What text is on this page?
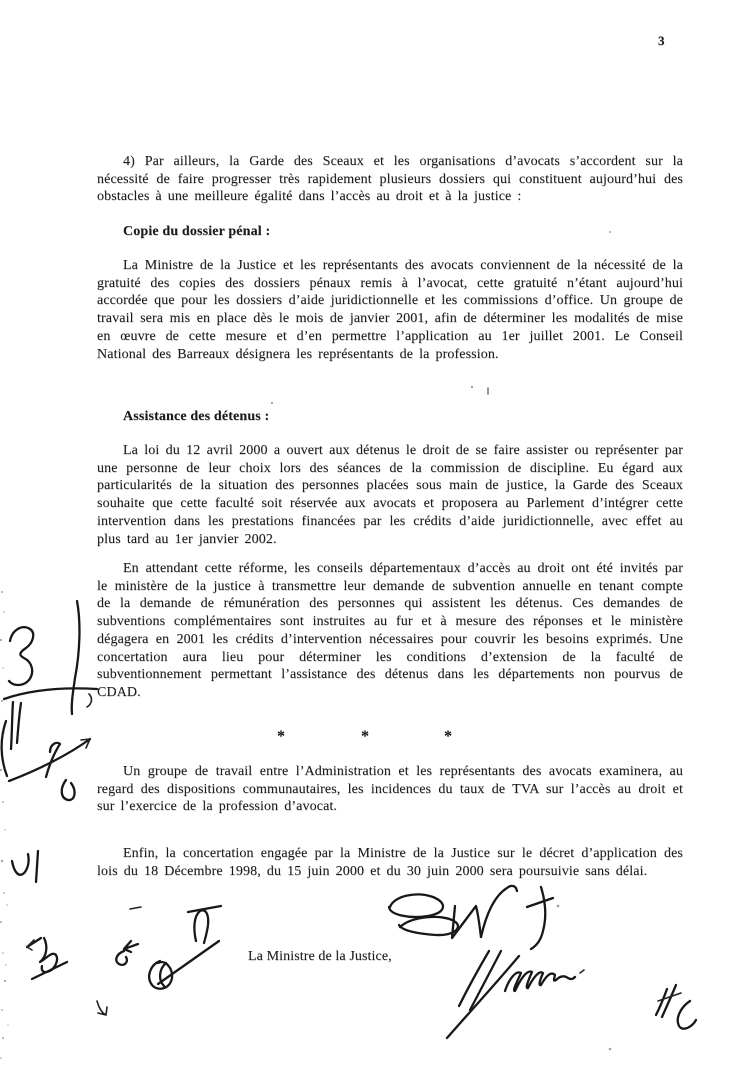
3

4) Par ailleurs, la Garde des Sceaux et les organisations d’avocats s’accordent sur la nécessité de faire progresser très rapidement plusieurs dossiers qui constituent aujourd’hui des obstacles à une meilleure égalité dans l’accès au droit et à la justice :

Copie du dossier pénal :

La Ministre de la Justice et les représentants des avocats conviennent de la nécessité de la gratuité des copies des dossiers pénaux remis à l’avocat, cette gratuité n’étant aujourd’hui accordée que pour les dossiers d’aide juridictionnelle et les commissions d’office. Un groupe de travail sera mis en place dès le mois de janvier 2001, afin de déterminer les modalités de mise en œuvre de cette mesure et d’en permettre l’application au 1er juillet 2001. Le Conseil National des Barreaux désignera les représentants de la profession.

Assistance des détenus :

La loi du 12 avril 2000 a ouvert aux détenus le droit de se faire assister ou représenter par une personne de leur choix lors des séances de la commission de discipline. Eu égard aux particularités de la situation des personnes placées sous main de justice, la Garde des Sceaux souhaite que cette faculté soit réservée aux avocats et proposera au Parlement d’intégrer cette intervention dans les prestations financées par les crédits d’aide juridictionnelle, avec effet au plus tard au 1er janvier 2002.

En attendant cette réforme, les conseils départementaux d’accès au droit ont été invités par le ministère de la justice à transmettre leur demande de subvention annuelle en tenant compte de la demande de rémunération des personnes qui assistent les détenus. Ces demandes de subventions complémentaires sont instruites au fur et à mesure des réponses et le ministère dégagera en 2001 les crédits d’intervention nécessaires pour couvrir les besoins exprimés. Une concertation aura lieu pour déterminer les conditions d’extension de la faculté de subventionnement permettant l’assistance des détenus dans les départements non pourvus de CDAD.

*	*	*

Un groupe de travail entre l’Administration et les représentants des avocats examinera, au regard des dispositions communautaires, les incidences du taux de TVA sur l’accès au droit et sur l’exercice de la profession d’avocat.

Enfin, la concertation engagée par la Ministre de la Justice sur le décret d’application des lois du 18 Décembre 1998, du 15 juin 2000 et du 30 juin 2000 sera poursuivie sans délai.

La Ministre de la Justice,
